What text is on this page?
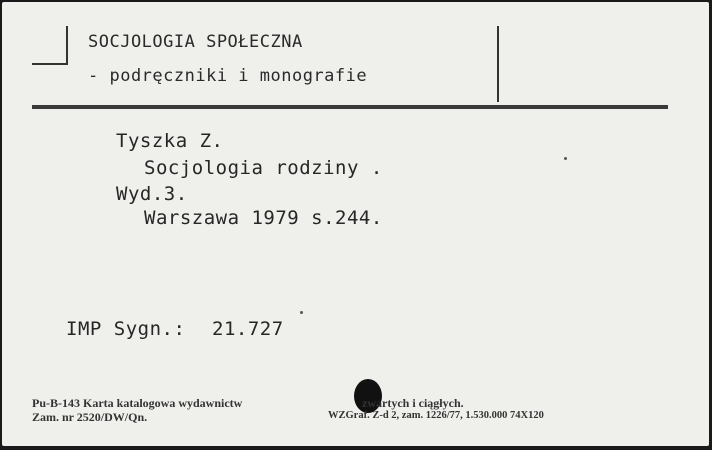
SOCJOLOGIA SPOŁECZNA
- podręczniki i monografie
Tyszka Z.
Socjologia rodziny .
Wyd.3.
Warszawa 1979 s.244.
IMP Sygn.: 21.727
Pu-B-143 Karta katalogowa wydawnictw	zwartych i ciągłych.
Zam. nr 2520/DW/Qn.	WZGraf. Z-d 2, zam. 1226/77, 1.530.000 74X120
